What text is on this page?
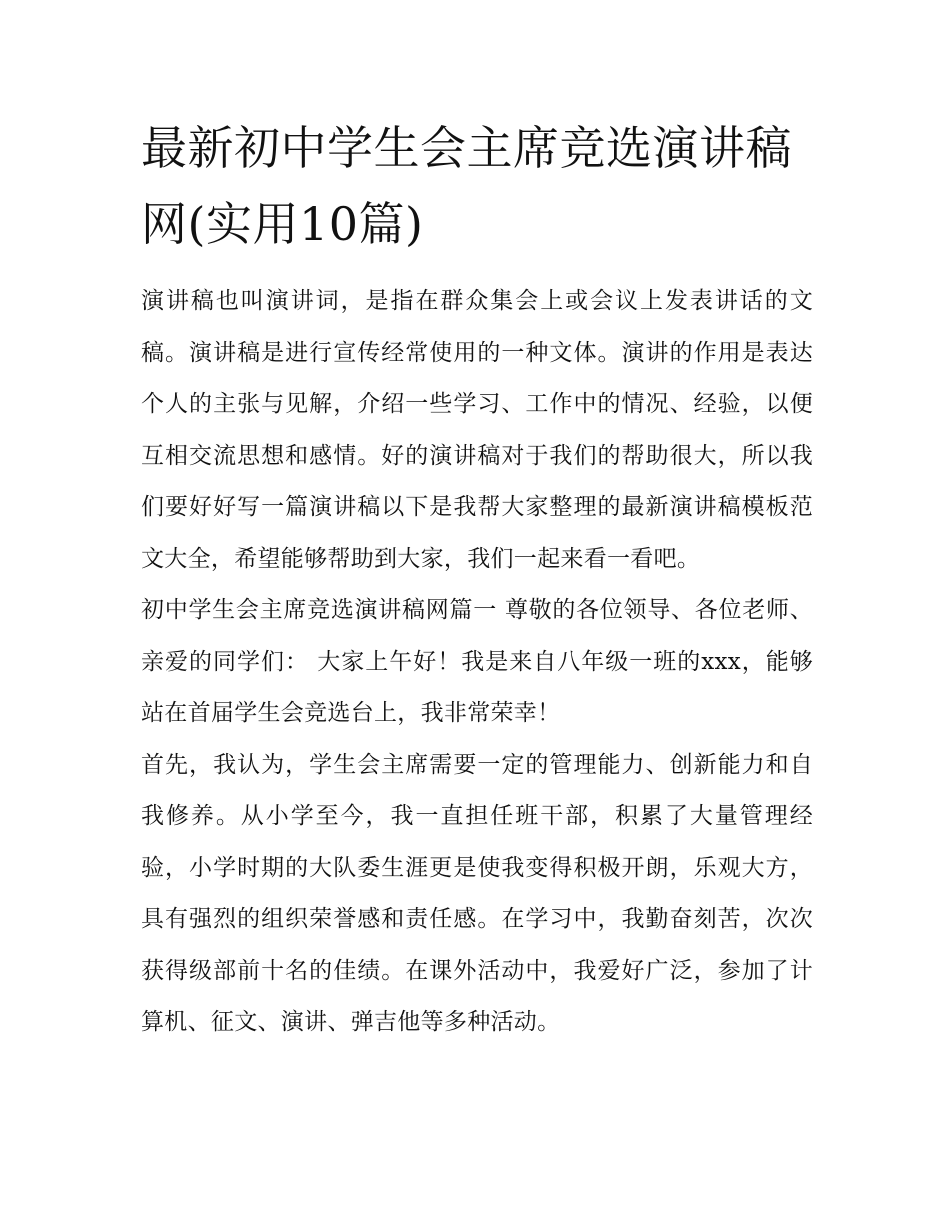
最新初中学生会主席竞选演讲稿网(实用10篇)

演讲稿也叫演讲词，是指在群众集会上或会议上发表讲话的文稿。演讲稿是进行宣传经常使用的一种文体。演讲的作用是表达个人的主张与见解，介绍一些学习、工作中的情况、经验，以便互相交流思想和感情。好的演讲稿对于我们的帮助很大，所以我们要好好写一篇演讲稿以下是我帮大家整理的最新演讲稿模板范文大全，希望能够帮助到大家，我们一起来看一看吧。

初中学生会主席竞选演讲稿网篇一 尊敬的各位领导、各位老师、亲爱的同学们： 大家上午好！我是来自八年级一班的xxx，能够站在首届学生会竞选台上，我非常荣幸！

首先，我认为，学生会主席需要一定的管理能力、创新能力和自我修养。从小学至今，我一直担任班干部，积累了大量管理经验，小学时期的大队委生涯更是使我变得积极开朗，乐观大方，具有强烈的组织荣誉感和责任感。在学习中，我勤奋刻苦，次次获得级部前十名的佳绩。在课外活动中，我爱好广泛，参加了计算机、征文、演讲、弹吉他等多种活动。
